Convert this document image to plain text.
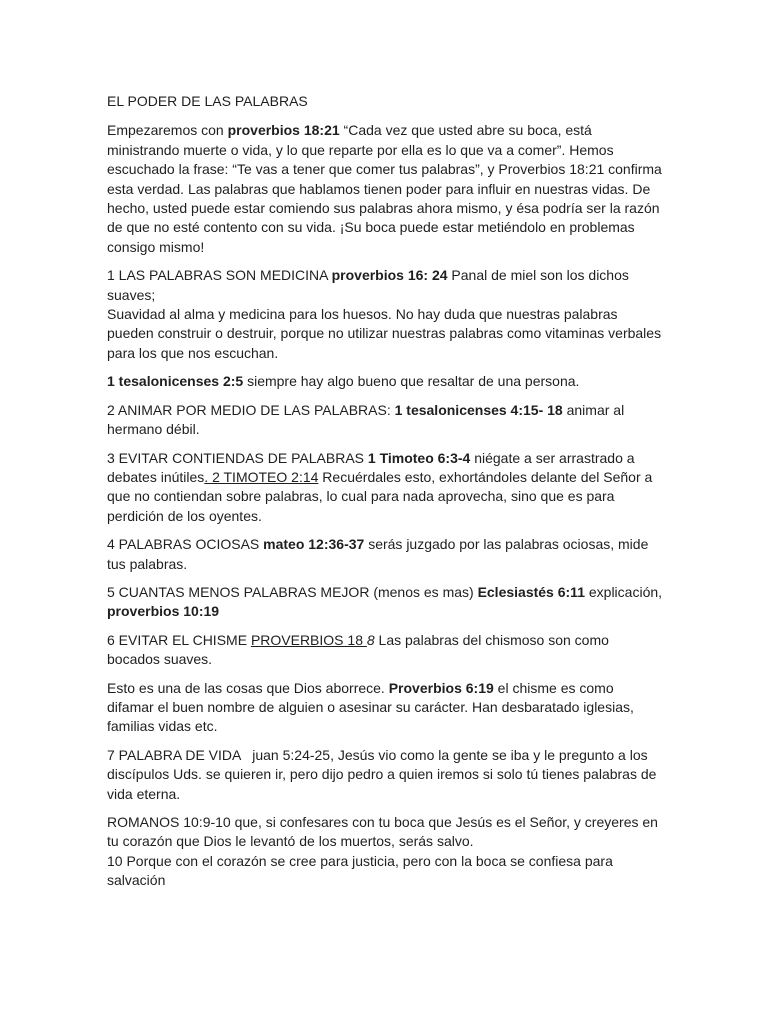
EL PODER DE LAS PALABRAS

Empezaremos con proverbios 18:21 “Cada vez que usted abre su boca, está ministrando muerte o vida, y lo que reparte por ella es lo que va a comer”. Hemos escuchado la frase: “Te vas a tener que comer tus palabras”, y Proverbios 18:21 confirma esta verdad. Las palabras que hablamos tienen poder para influir en nuestras vidas. De hecho, usted puede estar comiendo sus palabras ahora mismo, y ésa podría ser la razón de que no esté contento con su vida. ¡Su boca puede estar metiéndolo en problemas consigo mismo!

1 LAS PALABRAS SON MEDICINA proverbios 16: 24 Panal de miel son los dichos suaves;
Suavidad al alma y medicina para los huesos. No hay duda que nuestras palabras pueden construir o destruir, porque no utilizar nuestras palabras como vitaminas verbales para los que nos escuchan.

1 tesalonicenses 2:5 siempre hay algo bueno que resaltar de una persona.

2 ANIMAR POR MEDIO DE LAS PALABRAS: 1 tesalonicenses 4:15- 18 animar al hermano débil.

3 EVITAR CONTIENDAS DE PALABRAS 1 Timoteo 6:3-4 niégate a ser arrastrado a debates inútiles. 2 TIMOTEO 2:14 Recuérdales esto, exhortándoles delante del Señor a que no contiendan sobre palabras, lo cual para nada aprovecha, sino que es para perdición de los oyentes.

4 PALABRAS OCIOSAS mateo 12:36-37 serás juzgado por las palabras ociosas, mide tus palabras.

5 CUANTAS MENOS PALABRAS MEJOR (menos es mas) Eclesiastés 6:11 explicación, proverbios 10:19

6 EVITAR EL CHISME PROVERBIOS 18 8 Las palabras del chismoso son como bocados suaves.

Esto es una de las cosas que Dios aborrece. Proverbios 6:19 el chisme es como difamar el buen nombre de alguien o asesinar su carácter. Han desbaratado iglesias, familias vidas etc.

7 PALABRA DE VIDA   juan 5:24-25, Jesús vio como la gente se iba y le pregunto a los discípulos Uds. se quieren ir, pero dijo pedro a quien iremos si solo tú tienes palabras de vida eterna.

ROMANOS 10:9-10 que, si confesares con tu boca que Jesús es el Señor, y creyeres en tu corazón que Dios le levantó de los muertos, serás salvo.
10 Porque con el corazón se cree para justicia, pero con la boca se confiesa para salvación
